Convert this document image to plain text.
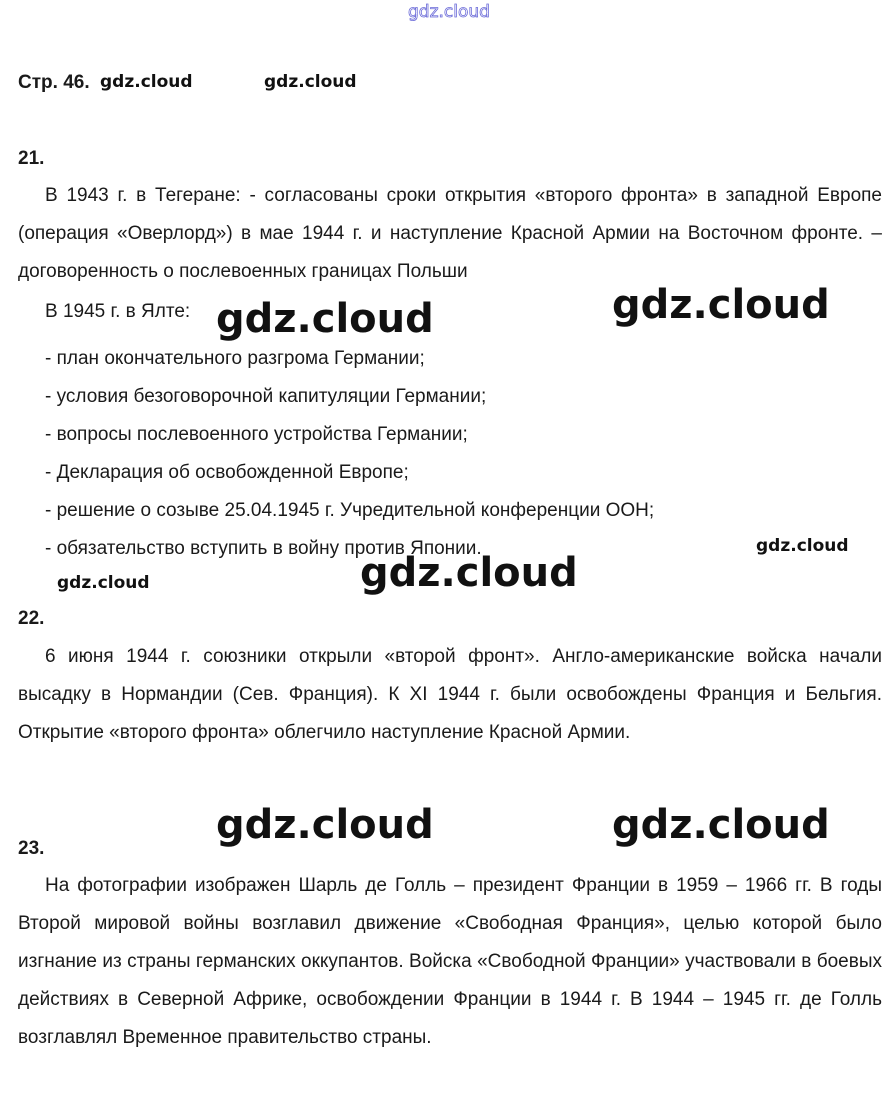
gdz.cloud
gdz.cloud	gdz.cloud
gdz.cloud	gdz.cloud
gdz.cloud
gdz.cloud	gdz.cloud
gdz.cloud	gdz.cloud
Стр. 46.
21.

В 1943 г. в Тегеране: - согласованы сроки открытия «второго фронта» в западной Европе (операция «Оверлорд») в мае 1944 г. и наступление Красной Армии на Восточном фронте. – договоренность о послевоенных границах Польши

В 1945 г. в Ялте:
- план окончательного разгрома Германии;
- условия безоговорочной капитуляции Германии;
- вопросы послевоенного устройства Германии;
- Декларация об освобожденной Европе;
- решение о созыве 25.04.1945 г. Учредительной конференции ООН;
- обязательство вступить в войну против Японии.
22.

6 июня 1944 г. союзники открыли «второй фронт». Англо-американские войска начали высадку в Нормандии (Сев. Франция). К XI 1944 г. были освобождены Франция и Бельгия. Открытие «второго фронта» облегчило наступление Красной Армии.

23.

На фотографии изображен Шарль де Голль – президент Франции в 1959 – 1966 гг. В годы Второй мировой войны возглавил движение «Свободная Франция», целью которой было изгнание из страны германских оккупантов. Войска «Свободной Франции» участвовали в боевых действиях в Северной Африке, освобождении Франции в 1944 г. В 1944 – 1945 гг. де Голль возглавлял Временное правительство страны.
